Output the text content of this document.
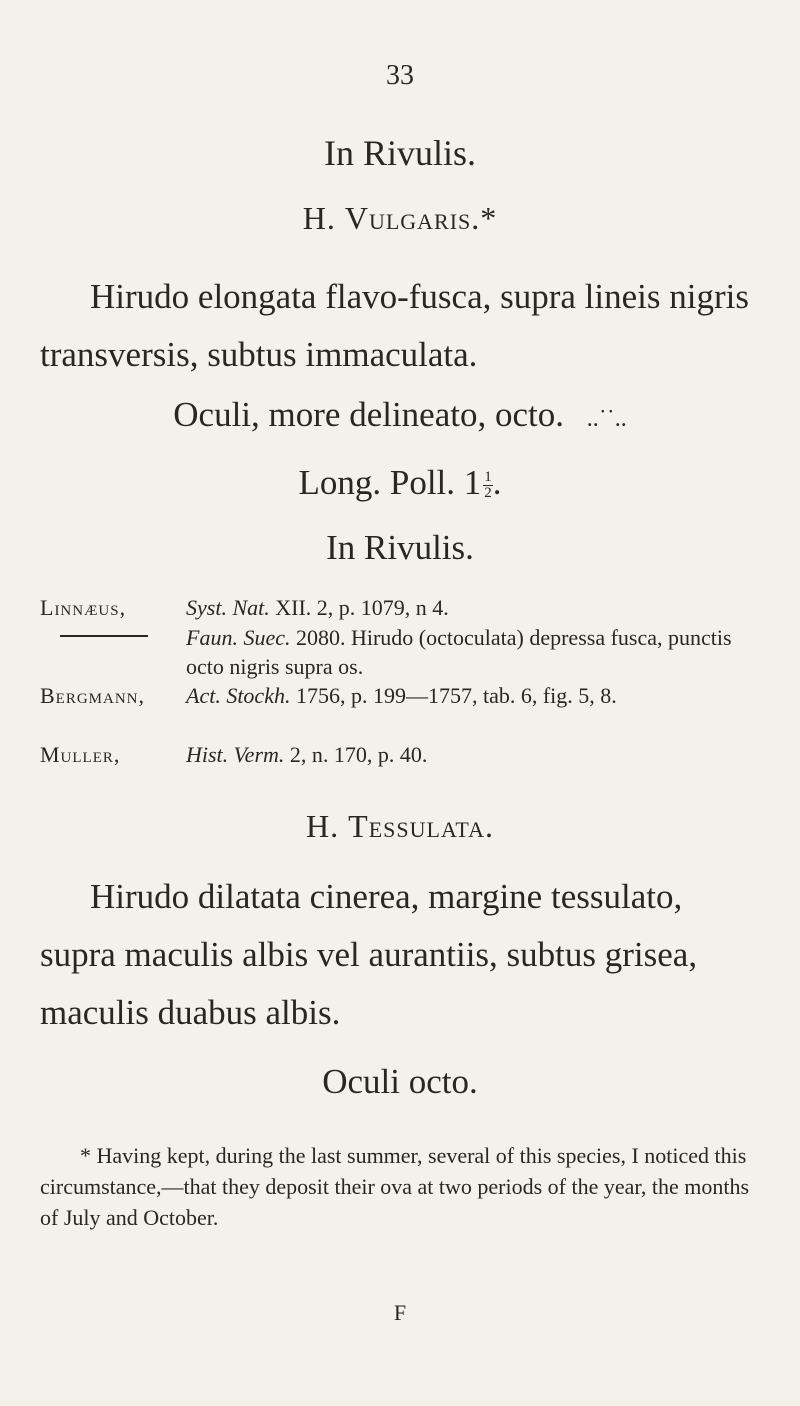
33
In Rivulis.
H. Vulgaris.*
Hirudo elongata flavo-fusca, supra lineis nigris transversis, subtus immaculata.
Oculi, more delineato, octo. ..˙˙..
Long. Poll. $1 \frac{1}{2}$ .
In Rivulis.
Linnæus,	Syst. Nat. XII. 2, p. 1079, n 4.
Faun. Suec. 2080. Hirudo (octoculata) depressa fusca, punctis octo nigris supra os.
Bergmann, Act. Stockh. 1756, p. 199—1757, tab. 6, fig. 5, 8.
Muller,	Hist. Verm. 2, n. 170, p. 40.
H. Tessulata.
Hirudo dilatata cinerea, margine tessulato, supra maculis albis vel aurantiis, subtus grisea, maculis duabus albis.
Oculi octo.
* Having kept, during the last summer, several of this species, I noticed this circumstance,—that they deposit their ova at two periods of the year, the months of July and October.
F
